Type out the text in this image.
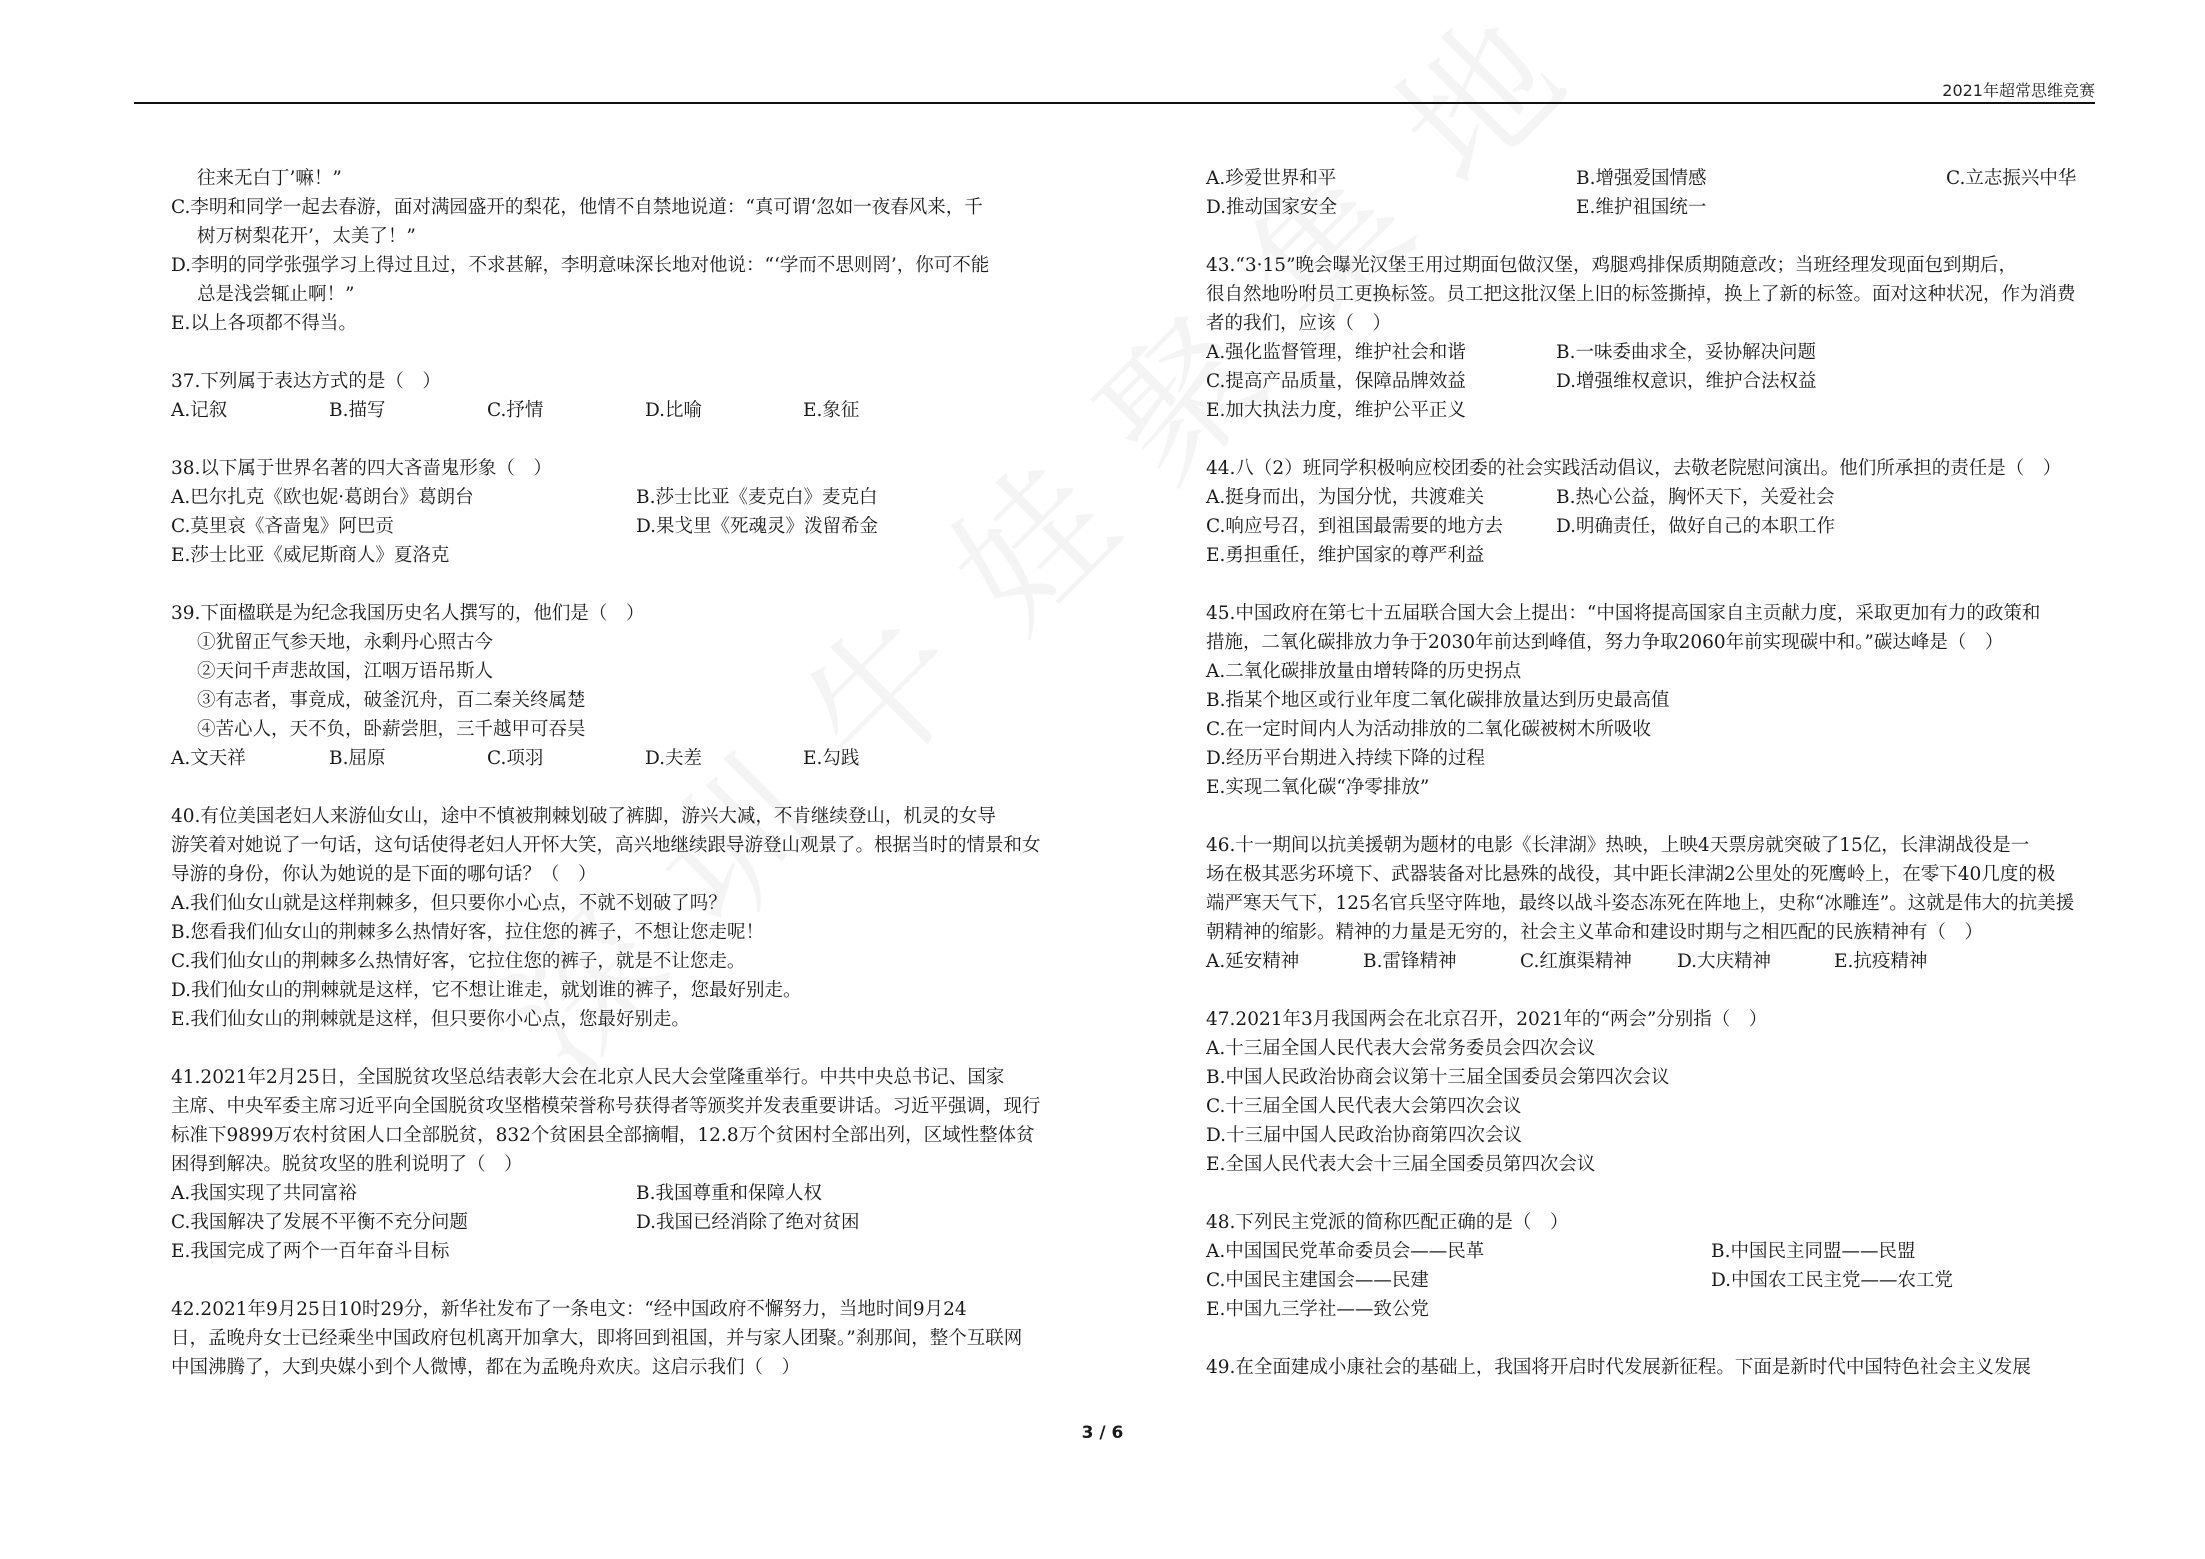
2021年超常思维竞赛
往来无白丁’嘛！”
C.李明和同学一起去春游，面对满园盛开的梨花，他情不自禁地说道：“真可谓‘忽如一夜春风来，千
树万树梨花开’，太美了！”
D.李明的同学张强学习上得过且过，不求甚解，李明意味深长地对他说：“‘学而不思则罔’，你可不能
总是浅尝辄止啊！”
E.以上各项都不得当。
37.下列属于表达方式的是（　）
A.记叙	B.描写	C.抒情	D.比喻	E.象征
38.以下属于世界名著的四大吝啬鬼形象（　）
A.巴尔扎克《欧也妮·葛朗台》葛朗台	B.莎士比亚《麦克白》麦克白
C.莫里哀《吝啬鬼》阿巴贡	D.果戈里《死魂灵》泼留希金
E.莎士比亚《威尼斯商人》夏洛克
39.下面楹联是为纪念我国历史名人撰写的，他们是（　）
①犹留正气参天地，永剩丹心照古今
②天问千声悲故国，江咽万语吊斯人
③有志者，事竟成，破釜沉舟，百二秦关终属楚
④苦心人，天不负，卧薪尝胆，三千越甲可吞吴
A.文天祥	B.屈原	C.项羽	D.夫差	E.勾践
40.有位美国老妇人来游仙女山，途中不慎被荆棘划破了裤脚，游兴大减，不肯继续登山，机灵的女导
游笑着对她说了一句话，这句话使得老妇人开怀大笑，高兴地继续跟导游登山观景了。根据当时的情景和女
导游的身份，你认为她说的是下面的哪句话？（　）
A.我们仙女山就是这样荆棘多，但只要你小心点，不就不划破了吗？
B.您看我们仙女山的荆棘多么热情好客，拉住您的裤子，不想让您走呢！
C.我们仙女山的荆棘多么热情好客，它拉住您的裤子，就是不让您走。
D.我们仙女山的荆棘就是这样，它不想让谁走，就划谁的裤子，您最好别走。
E.我们仙女山的荆棘就是这样，但只要你小心点，您最好别走。
41.2021年2月25日，全国脱贫攻坚总结表彰大会在北京人民大会堂隆重举行。中共中央总书记、国家
主席、中央军委主席习近平向全国脱贫攻坚楷模荣誉称号获得者等颁奖并发表重要讲话。习近平强调，现行
标准下9899万农村贫困人口全部脱贫，832个贫困县全部摘帽，12.8万个贫困村全部出列，区域性整体贫
困得到解决。脱贫攻坚的胜利说明了（　）
A.我国实现了共同富裕	B.我国尊重和保障人权
C.我国解决了发展不平衡不充分问题	D.我国已经消除了绝对贫困
E.我国完成了两个一百年奋斗目标
42.2021年9月25日10时29分，新华社发布了一条电文：“经中国政府不懈努力，当地时间9月24
日，孟晚舟女士已经乘坐中国政府包机离开加拿大，即将回到祖国，并与家人团聚。”刹那间，整个互联网
中国沸腾了，大到央媒小到个人微博，都在为孟晚舟欢庆。这启示我们（　）
A.珍爱世界和平	B.增强爱国情感	C.立志振兴中华
D.推动国家安全	E.维护祖国统一
43.“3·15”晚会曝光汉堡王用过期面包做汉堡，鸡腿鸡排保质期随意改；当班经理发现面包到期后，
很自然地吩咐员工更换标签。员工把这批汉堡上旧的标签撕掉，换上了新的标签。面对这种状况，作为消费
者的我们，应该（　）
A.强化监督管理，维护社会和谐	B.一味委曲求全，妥协解决问题
C.提高产品质量，保障品牌效益	D.增强维权意识，维护合法权益
E.加大执法力度，维护公平正义
44.八（2）班同学积极响应校团委的社会实践活动倡议，去敬老院慰问演出。他们所承担的责任是（　）
A.挺身而出，为国分忧，共渡难关	B.热心公益，胸怀天下，关爱社会
C.响应号召，到祖国最需要的地方去	D.明确责任，做好自己的本职工作
E.勇担重任，维护国家的尊严利益
45.中国政府在第七十五届联合国大会上提出：“中国将提高国家自主贡献力度，采取更加有力的政策和
措施，二氧化碳排放力争于2030年前达到峰值，努力争取2060年前实现碳中和。”碳达峰是（　）
A.二氧化碳排放量由增转降的历史拐点
B.指某个地区或行业年度二氧化碳排放量达到历史最高值
C.在一定时间内人为活动排放的二氧化碳被树木所吸收
D.经历平台期进入持续下降的过程
E.实现二氧化碳“净零排放”
46.十一期间以抗美援朝为题材的电影《长津湖》热映，上映4天票房就突破了15亿，长津湖战役是一
场在极其恶劣环境下、武器装备对比悬殊的战役，其中距长津湖2公里处的死鹰岭上，在零下40几度的极
端严寒天气下，125名官兵坚守阵地，最终以战斗姿态冻死在阵地上，史称“冰雕连”。这就是伟大的抗美援
朝精神的缩影。精神的力量是无穷的，社会主义革命和建设时期与之相匹配的民族精神有（　）
A.延安精神	B.雷锋精神	C.红旗渠精神 D.大庆精神	E.抗疫精神
47.2021年3月我国两会在北京召开，2021年的“两会”分别指（　）
A.十三届全国人民代表大会常务委员会四次会议
B.中国人民政治协商会议第十三届全国委员会第四次会议
C.十三届全国人民代表大会第四次会议
D.十三届中国人民政治协商第四次会议
E.全国人民代表大会十三届全国委员第四次会议
48.下列民主党派的简称匹配正确的是（　）
A.中国国民党革命委员会——民革	B.中国民主同盟——民盟
C.中国民主建国会——民建	D.中国农工民主党——农工党
E.中国九三学社——致公党
49.在全面建成小康社会的基础上，我国将开启时代发展新征程。下面是新时代中国特色社会主义发展
3 / 6
